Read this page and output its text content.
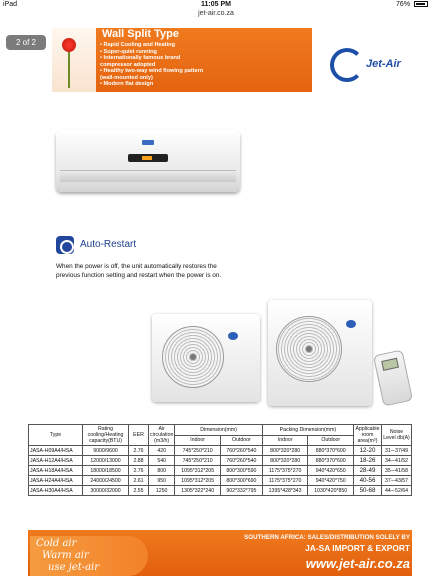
iPad	11:05 PM	76%
jet-air.co.za
2 of 2
Wall Split Type
• Rapid Cooling and Heating
• Super-quiet running
• Internationally famous brand
compressor adopted
• Healthy two-way wind flowing pattern
(wall-mounted only)
• Modern flat design
Jet-Air
Auto-Restart
When the power is off, the unit automatically restores the previous function setting and restart when the power is on.
Type	Rating cooling/Heating capacity(BTU)	EER	Air circulation (m3/h)	Dimension(mm)		Packing Dimension(mm)		Applicable room area(m²)	Noise Level db(A)
				Indoor	Outdoor	Indoor	Outdoor		
JASA-H09A4/HSA	9000/9600	2.76	420	745*250*210	760*260*540	800*320*280	880*370*600	12-20	31∼37/49
JASA-H12A4/HSA	12000/13000	2.88	540	745*250*210	760*260*540	800*320*280	880*370*600	18-26	34∼41/52
JASA-H18A4/HSA	18000/18500	2.76	800	1095*312*205	800*300*590	1175*375*270	940*420*650	28-49	35∼41/58
JASA-H24A4/HSA	24000/24500	2.61	950	1095*312*205	800*300*690	1175*375*270	940*420*750	40-56	37∼43/57
JASA-H30A4/HSA	30000/32000	2.55	1250	1305*322*240	902*332*795	1395*428*343	1030*420*850	50-68	44∼52/64
Cold air
Warm air
use jet-air
SOUTHERN AFRICA: SALES/DISTRIBUTION SOLELY BY
JA-SA IMPORT & EXPORT
www.jet-air.co.za
